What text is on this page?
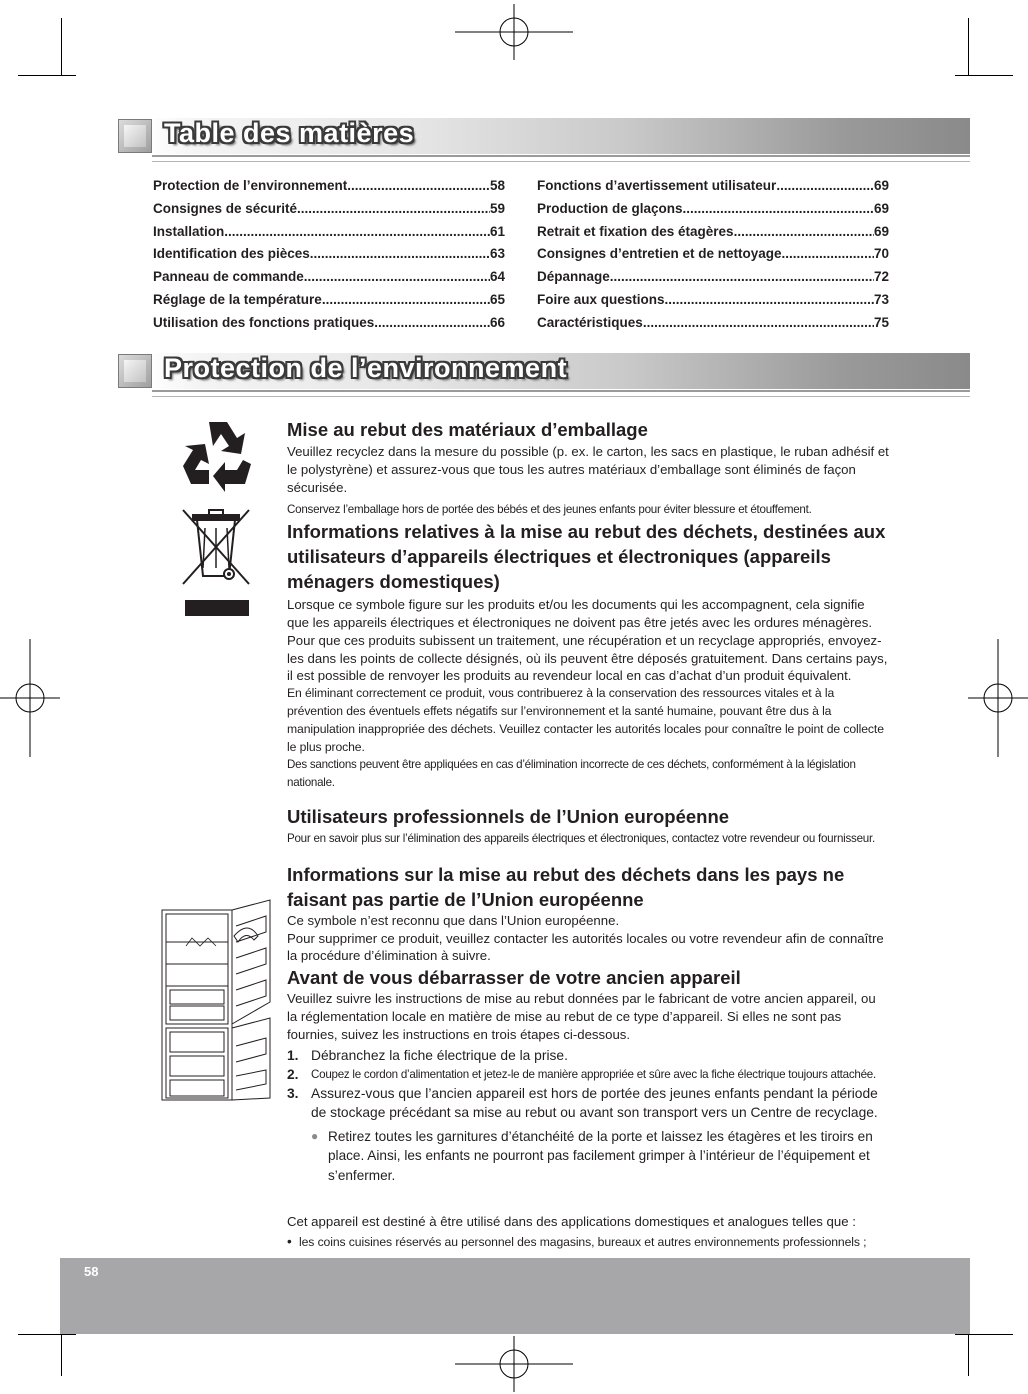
Table des matières
Protection de l’environnement .....	58
Consignes de sécurité .....	59
Installation .....	61
Identification des pièces .....	63
Panneau de commande .....	64
Réglage de la température .....	65
Utilisation des fonctions pratiques .....	66
Fonctions d’avertissement utilisateur .....	69
Production de glaçons .....	69
Retrait et fixation des étagères .....	69
Consignes d’entretien et de nettoyage .....	70
Dépannage .....	72
Foire aux questions .....	73
Caractéristiques .....	75
Protection de l’environnement
Mise au rebut des matériaux d’emballage

Veuillez recyclez dans la mesure du possible (p. ex. le carton, les sacs en plastique, le ruban adhésif et le polystyrène) et assurez-vous que tous les autres matériaux d’emballage sont éliminés de façon sécurisée.

Conservez l’emballage hors de portée des bébés et des jeunes enfants pour éviter blessure et étouffement.

Informations relatives à la mise au rebut des déchets, destinées aux utilisateurs d’appareils électriques et électroniques (appareils ménagers domestiques)

Lorsque ce symbole figure sur les produits et/ou les documents qui les accompagnent, cela signifie que les appareils électriques et électroniques ne doivent pas être jetés avec les ordures ménagères.

Pour que ces produits subissent un traitement, une récupération et un recyclage appropriés, envoyez-les dans les points de collecte désignés, où ils peuvent être déposés gratuitement. Dans certains pays, il est possible de renvoyer les produits au revendeur local en cas d’achat d’un produit équivalent.

En éliminant correctement ce produit, vous contribuerez à la conservation des ressources vitales et à la prévention des éventuels effets négatifs sur l’environnement et la santé humaine, pouvant être dus à la manipulation inappropriée des déchets. Veuillez contacter les autorités locales pour connaître le point de collecte le plus proche.

Des sanctions peuvent être appliquées en cas d’élimination incorrecte de ces déchets, conformément à la législation nationale.

Utilisateurs professionnels de l’Union européenne

Pour en savoir plus sur l’élimination des appareils électriques et électroniques, contactez votre revendeur ou fournisseur.

Informations sur la mise au rebut des déchets dans les pays ne faisant pas partie de l’Union européenne

Ce symbole n’est reconnu que dans l’Union européenne.

Pour supprimer ce produit, veuillez contacter les autorités locales ou votre revendeur afin de connaître la procédure d’élimination à suivre.

Avant de vous débarrasser de votre ancien appareil

Veuillez suivre les instructions de mise au rebut données par le fabricant de votre ancien appareil, ou la réglementation locale en matière de mise au rebut de ce type d’appareil. Si elles ne sont pas fournies, suivez les instructions en trois étapes ci-dessous.

1. Débranchez la fiche électrique de la prise.
2.	Coupez le cordon d’alimentation et jetez-le de manière appropriée et sûre avec la fiche électrique toujours attachée.
3. Assurez-vous que l’ancien appareil est hors de portée des jeunes enfants pendant la période de stockage précédant sa mise au rebut ou avant son transport vers un Centre de recyclage.
● Retirez toutes les garnitures d’étanchéité de la porte et laissez les étagères et les tiroirs en place. Ainsi, les enfants ne pourront pas facilement grimper à l’intérieur de l’équipement et s’enfermer.

Cet appareil est destiné à être utilisé dans des applications domestiques et analogues telles que :

• les coins cuisines réservés au personnel des magasins, bureaux et autres environnements professionnels ;
58
